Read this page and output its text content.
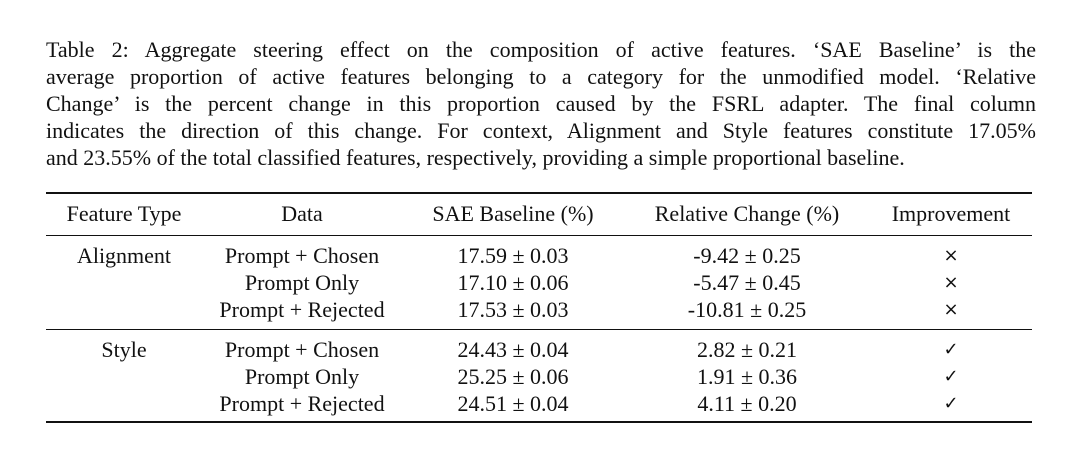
Table 2: Aggregate steering effect on the composition of active features. ‘SAE Baseline’ is the
average proportion of active features belonging to a category for the unmodified model. ‘Relative
Change’ is the percent change in this proportion caused by the FSRL adapter. The final column
indicates the direction of this change. For context, Alignment and Style features constitute 17.05%
and 23.55% of the total classified features, respectively, providing a simple proportional baseline.
Feature Type	Data	SAE Baseline (%)	Relative Change (%)	Improvement
Alignment	Prompt + Chosen	17.59 ± 0.03	-9.42 ± 0.25	×
	Prompt Only	17.10 ± 0.06	-5.47 ± 0.45	×
	Prompt + Rejected	17.53 ± 0.03	-10.81 ± 0.25	×
Style	Prompt + Chosen	24.43 ± 0.04	2.82 ± 0.21	✓
	Prompt Only	25.25 ± 0.06	1.91 ± 0.36	✓
	Prompt + Rejected	24.51 ± 0.04	4.11 ± 0.20	✓
